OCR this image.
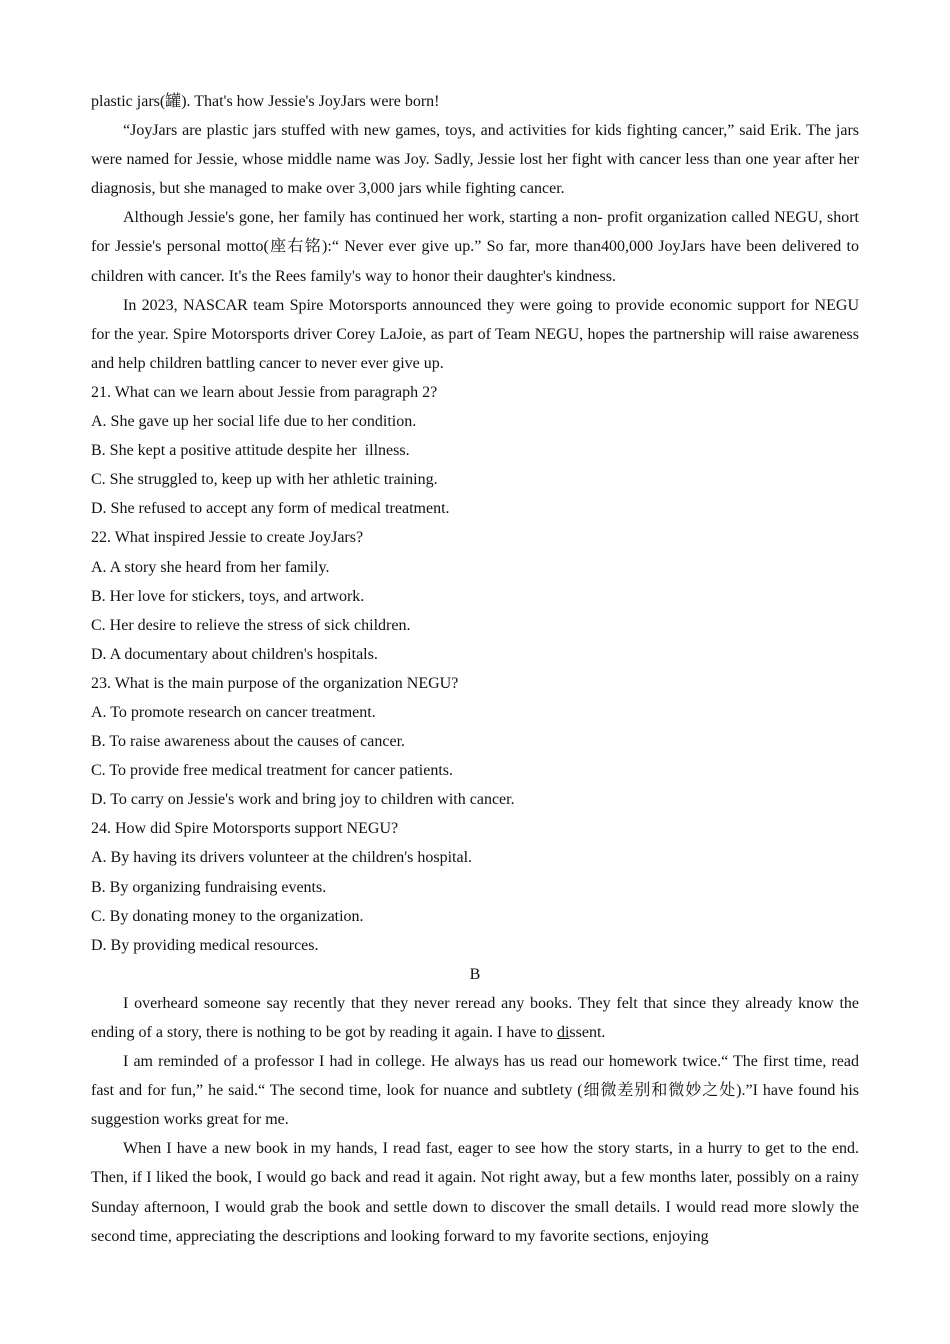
plastic jars(罐). That's how Jessie's JoyJars were born!

“JoyJars are plastic jars stuffed with new games, toys, and activities for kids fighting cancer,” said Erik. The jars were named for Jessie, whose middle name was Joy. Sadly, Jessie lost her fight with cancer less than one year after her diagnosis, but she managed to make over 3,000 jars while fighting cancer.

Although Jessie's gone, her family has continued her work, starting a non- profit organization called NEGU, short for Jessie's personal motto(座右铭):“ Never ever give up.” So far, more than400,000 JoyJars have been delivered to children with cancer. It's the Rees family's way to honor their daughter's kindness.

In 2023, NASCAR team Spire Motorsports announced they were going to provide economic support for NEGU for the year. Spire Motorsports driver Corey LaJoie, as part of Team NEGU, hopes the partnership will raise awareness and help children battling cancer to never ever give up.

21. What can we learn about Jessie from paragraph 2?

A. She gave up her social life due to her condition.

B. She kept a positive attitude despite her  illness.

C. She struggled to, keep up with her athletic training.

D. She refused to accept any form of medical treatment.

22. What inspired Jessie to create JoyJars?

A. A story she heard from her family.

B. Her love for stickers, toys, and artwork.

C. Her desire to relieve the stress of sick children.

D. A documentary about children's hospitals.

23. What is the main purpose of the organization NEGU?

A. To promote research on cancer treatment.

B. To raise awareness about the causes of cancer.

C. To provide free medical treatment for cancer patients.

D. To carry on Jessie's work and bring joy to children with cancer.

24. How did Spire Motorsports support NEGU?

A. By having its drivers volunteer at the children's hospital.

B. By organizing fundraising events.

C. By donating money to the organization.

D. By providing medical resources.

B

I overheard someone say recently that they never reread any books. They felt that since they already know the ending of a story, there is nothing to be got by reading it again. I have to dissent.

I am reminded of a professor I had in college. He always has us read our homework twice.“ The first time, read fast and for fun,” he said.“ The second time, look for nuance and subtlety (细微差别和微妙之处).”I have found his suggestion works great for me.

When I have a new book in my hands, I read fast, eager to see how the story starts, in a hurry to get to the end. Then, if I liked the book, I would go back and read it again. Not right away, but a few months later, possibly on a rainy Sunday afternoon, I would grab the book and settle down to discover the small details. I would read more slowly the second time, appreciating the descriptions and looking forward to my favorite sections, enjoying
